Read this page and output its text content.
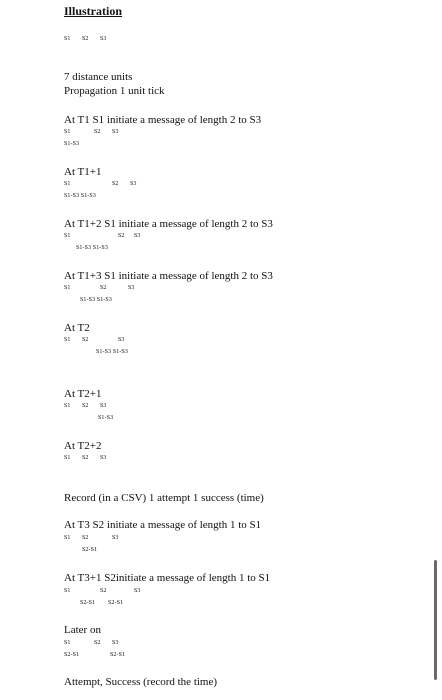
Illustration
S1 S2 S3
7 distance units
Propagation 1 unit tick
At T1 S1 initiate a message of length 2 to S3
S1	S2 S3
S1-S3
At T1+1
S1	S2 S3
S1-S3 S1-S3
At T1+2 S1 initiate a message of length 2 to S3
S1	S2 S3
S1-S3 S1-S3
At T1+3 S1 initiate a message of length 2 to S3
S1	S2	S3
S1-S3 S1-S3
At T2
S1 S2	S3
S1-S3 S1-S3
At T2+1
S1 S2 S3
S1-S3
At T2+2
S1 S2 S3
Record (in a CSV) 1 attempt 1 success (time)
At T3 S2 initiate a message of length 1 to S1
S1 S2	S3
S2-S1
At T3+1 S2initiate a message of length 1 to S1
S1	S2	S3
S2-S1 S2-S1
Later on
S1	S2 S3
S2-S1	S2-S1
Attempt, Success (record the time)
